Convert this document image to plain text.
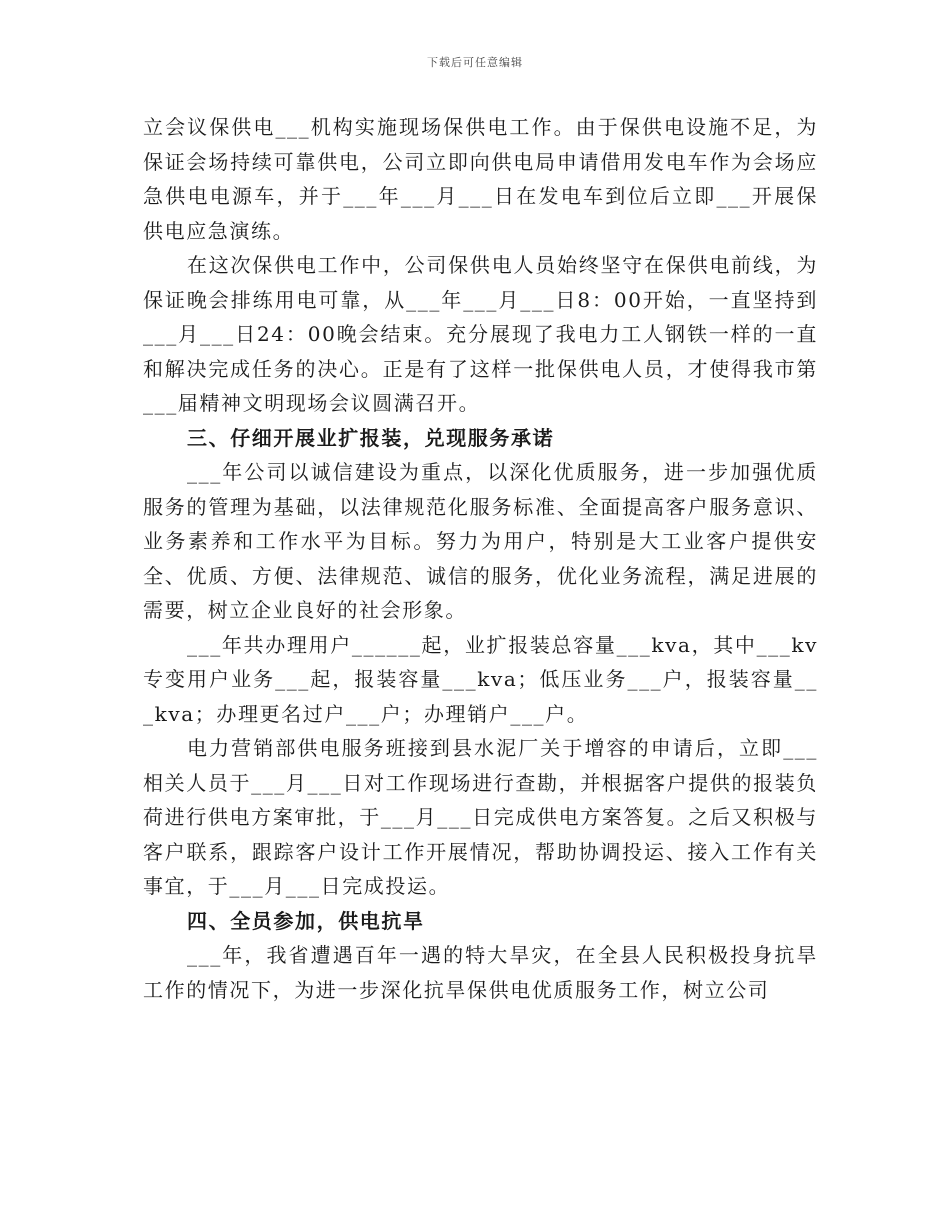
下载后可任意编辑

立会议保供电___机构实施现场保供电工作。由于保供电设施不足，为保证会场持续可靠供电，公司立即向供电局申请借用发电车作为会场应急供电电源车，并于___年___月___日在发电车到位后立即___开展保供电应急演练。

在这次保供电工作中，公司保供电人员始终坚守在保供电前线，为保证晚会排练用电可靠，从___年___月___日8：00开始，一直坚持到___月___日24：00晚会结束。充分展现了我电力工人钢铁一样的一直和解决完成任务的决心。正是有了这样一批保供电人员，才使得我市第___届精神文明现场会议圆满召开。

三、仔细开展业扩报装，兑现服务承诺

___年公司以诚信建设为重点，以深化优质服务，进一步加强优质服务的管理为基础，以法律规范化服务标准、全面提高客户服务意识、业务素养和工作水平为目标。努力为用户，特别是大工业客户提供安全、优质、方便、法律规范、诚信的服务，优化业务流程，满足进展的需要，树立企业良好的社会形象。

___年共办理用户______起，业扩报装总容量___kva，其中___kv专变用户业务___起，报装容量___kva；低压业务___户，报装容量___kva；办理更名过户___户；办理销户___户。

电力营销部供电服务班接到县水泥厂关于增容的申请后，立即___相关人员于___月___日对工作现场进行查勘，并根据客户提供的报装负荷进行供电方案审批，于___月___日完成供电方案答复。之后又积极与客户联系，跟踪客户设计工作开展情况，帮助协调投运、接入工作有关事宜，于___月___日完成投运。

四、全员参加，供电抗旱

___年，我省遭遇百年一遇的特大旱灾，在全县人民积极投身抗旱工作的情况下，为进一步深化抗旱保供电优质服务工作，树立公司
